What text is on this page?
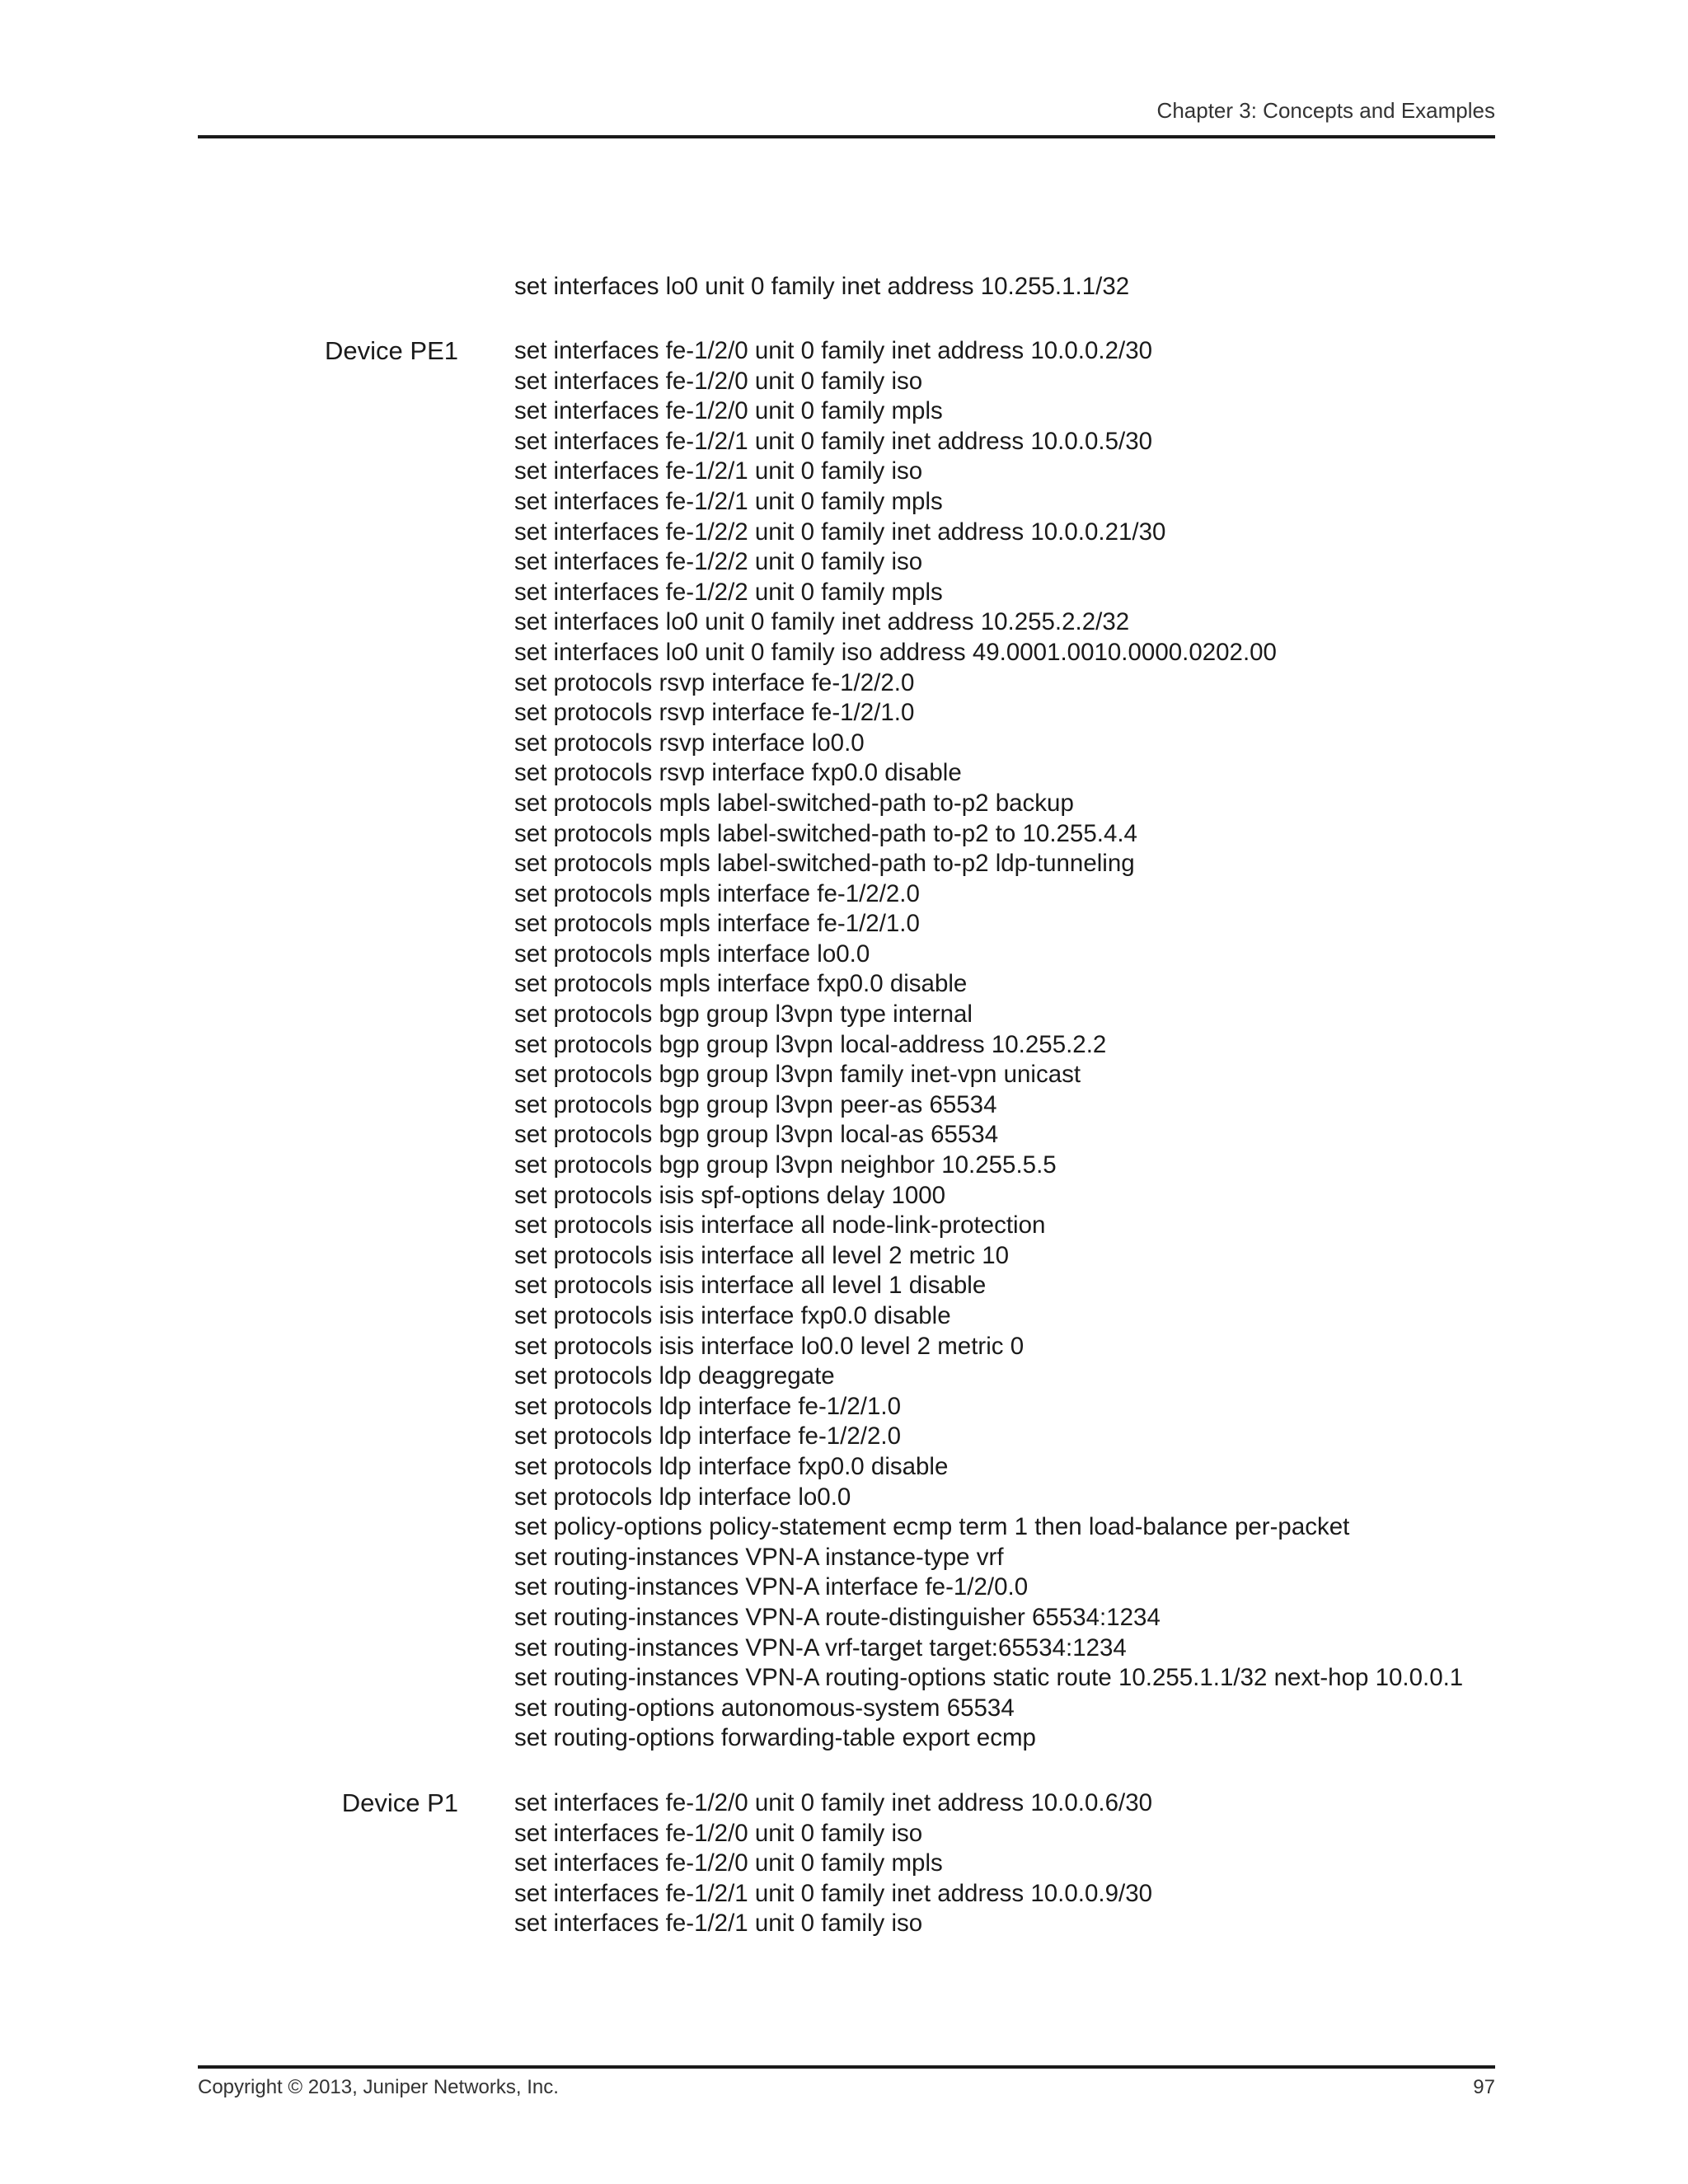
Chapter 3: Concepts and Examples
set interfaces lo0 unit 0 family inet address 10.255.1.1/32
Device PE1 set interfaces fe-1/2/0 unit 0 family inet address 10.0.0.2/30
set interfaces fe-1/2/0 unit 0 family iso
set interfaces fe-1/2/0 unit 0 family mpls
set interfaces fe-1/2/1 unit 0 family inet address 10.0.0.5/30
set interfaces fe-1/2/1 unit 0 family iso
set interfaces fe-1/2/1 unit 0 family mpls
set interfaces fe-1/2/2 unit 0 family inet address 10.0.0.21/30
set interfaces fe-1/2/2 unit 0 family iso
set interfaces fe-1/2/2 unit 0 family mpls
set interfaces lo0 unit 0 family inet address 10.255.2.2/32
set interfaces lo0 unit 0 family iso address 49.0001.0010.0000.0202.00
set protocols rsvp interface fe-1/2/2.0
set protocols rsvp interface fe-1/2/1.0
set protocols rsvp interface lo0.0
set protocols rsvp interface fxp0.0 disable
set protocols mpls label-switched-path to-p2 backup
set protocols mpls label-switched-path to-p2 to 10.255.4.4
set protocols mpls label-switched-path to-p2 ldp-tunneling
set protocols mpls interface fe-1/2/2.0
set protocols mpls interface fe-1/2/1.0
set protocols mpls interface lo0.0
set protocols mpls interface fxp0.0 disable
set protocols bgp group l3vpn type internal
set protocols bgp group l3vpn local-address 10.255.2.2
set protocols bgp group l3vpn family inet-vpn unicast
set protocols bgp group l3vpn peer-as 65534
set protocols bgp group l3vpn local-as 65534
set protocols bgp group l3vpn neighbor 10.255.5.5
set protocols isis spf-options delay 1000
set protocols isis interface all node-link-protection
set protocols isis interface all level 2 metric 10
set protocols isis interface all level 1 disable
set protocols isis interface fxp0.0 disable
set protocols isis interface lo0.0 level 2 metric 0
set protocols ldp deaggregate
set protocols ldp interface fe-1/2/1.0
set protocols ldp interface fe-1/2/2.0
set protocols ldp interface fxp0.0 disable
set protocols ldp interface lo0.0
set policy-options policy-statement ecmp term 1 then load-balance per-packet
set routing-instances VPN-A instance-type vrf
set routing-instances VPN-A interface fe-1/2/0.0
set routing-instances VPN-A route-distinguisher 65534:1234
set routing-instances VPN-A vrf-target target:65534:1234
set routing-instances VPN-A routing-options static route 10.255.1.1/32 next-hop 10.0.0.1
set routing-options autonomous-system 65534
set routing-options forwarding-table export ecmp
Device P1 set interfaces fe-1/2/0 unit 0 family inet address 10.0.0.6/30
set interfaces fe-1/2/0 unit 0 family iso
set interfaces fe-1/2/0 unit 0 family mpls
set interfaces fe-1/2/1 unit 0 family inet address 10.0.0.9/30
set interfaces fe-1/2/1 unit 0 family iso
Copyright © 2013, Juniper Networks, Inc.	97
